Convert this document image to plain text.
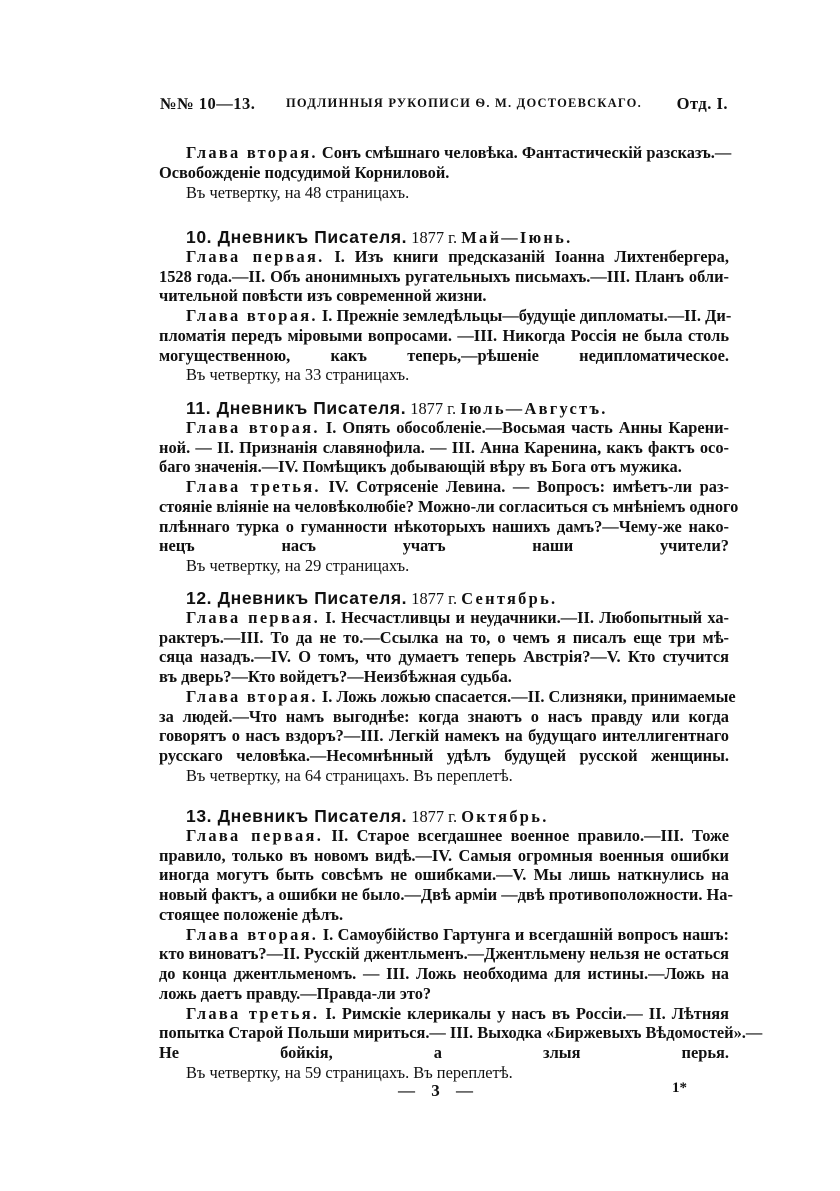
№№ 10—13. ПОДЛИННЫЯ РУКОПИСИ Ѳ. М. ДОСТОЕВСКАГО. Отд. I.
Глава вторая. Сонъ смѣшнаго человѣка. Фантастическій разсказъ.—
Освобожденіе подсудимой Корниловой.
Въ четвертку, на 48 страницахъ.
10. Дневникъ Писателя. 1877 г. Май—Іюнь.
Глава первая. I. Изъ книги предсказаній Іоанна Лихтенбергера,
1528 года.—II. Объ анонимныхъ ругательныхъ письмахъ.—III. Планъ обли-
чительной повѣсти изъ современной жизни.
Глава вторая. I. Прежніе земледѣльцы—будущіе дипломаты.—II. Ди-
пломатія передъ міровыми вопросами. —III. Никогда Россія не была столь
могущественною, какъ теперь,—рѣшеніе недипломатическое.
Въ четвертку, на 33 страницахъ.
11. Дневникъ Писателя. 1877 г. Іюль—Августъ.
Глава вторая. I. Опять обособленіе.—Восьмая часть Анны Карени-
ной. — II. Признанія славянофила. — III. Анна Каренина, какъ фактъ осо-
баго значенія.—IV. Помѣщикъ добывающій вѣру въ Бога отъ мужика.
Глава третья. IV. Сотрясеніе Левина. — Вопросъ: имѣетъ-ли раз-
стояніе вліяніе на человѣколюбіе? Можно-ли согласиться съ мнѣніемъ одного
плѣннаго турка о гуманности нѣкоторыхъ нашихъ дамъ?—Чему-же нако-
нецъ насъ учатъ наши учители?
Въ четвертку, на 29 страницахъ.
12. Дневникъ Писателя. 1877 г. Сентябрь.
Глава первая. I. Несчастливцы и неудачники.—II. Любопытный ха-
рактеръ.—III. То да не то.—Ссылка на то, о чемъ я писалъ еще три мѣ-
сяца назадъ.—IV. О томъ, что думаетъ теперь Австрія?—V. Кто стучится
въ дверь?—Кто войдетъ?—Неизбѣжная судьба.
Глава вторая. I. Ложь ложью спасается.—II. Слизняки, принимаемые
за людей.—Что намъ выгоднѣе: когда знаютъ о насъ правду или когда
говорятъ о насъ вздоръ?—III. Легкій намекъ на будущаго интеллигентнаго
русскаго человѣка.—Несомнѣнный удѣлъ будущей русской женщины.
Въ четвертку, на 64 страницахъ. Въ переплетѣ.
13. Дневникъ Писателя. 1877 г. Октябрь.
Глава первая. II. Старое всегдашнее военное правило.—III. Тоже
правило, только въ новомъ видѣ.—IV. Самыя огромныя военныя ошибки
иногда могутъ быть совсѣмъ не ошибками.—V. Мы лишь наткнулись на
новый фактъ, а ошибки не было.—Двѣ арміи —двѣ противоположности. На-
стоящее положеніе дѣлъ.
Глава вторая. I. Самоубійство Гартунга и всегдашній вопросъ нашъ:
кто виноватъ?—II. Русскій джентльменъ.—Джентльмену нельзя не остаться
до конца джентльменомъ. — III. Ложь необходима для истины.—Ложь на
ложь даетъ правду.—Правда-ли это?
Глава третья. I. Римскіе клерикалы у насъ въ Россіи.— II. Лѣтняя
попытка Старой Польши мириться.— III. Выходка «Биржевыхъ Вѣдомостей».—
Не бойкія, а злыя перья.
Въ четвертку, на 59 страницахъ. Въ переплетѣ.
— 3 —	1*
